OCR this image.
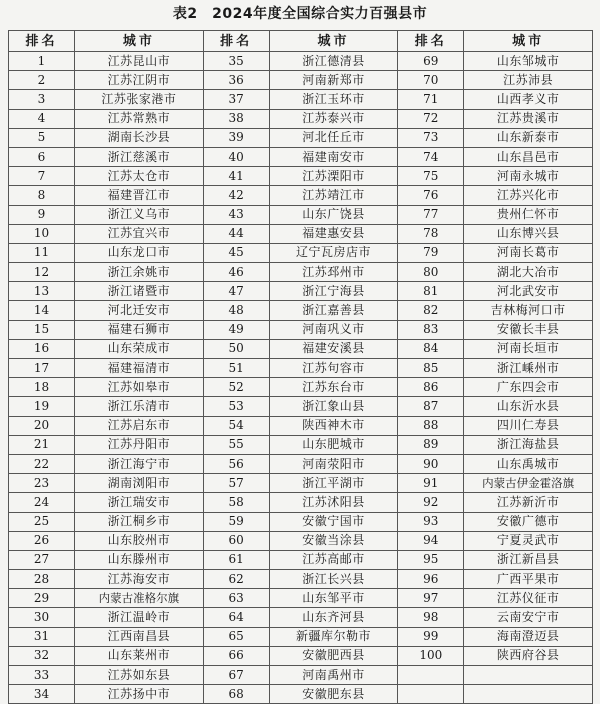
表2　2024年度全国综合实力百强县市
排名	城市	排名	城市	排名	城市
1	江苏昆山市	35	浙江德清县	69	山东邹城市
2	江苏江阴市	36	河南新郑市	70	江苏沛县
3	江苏张家港市	37	浙江玉环市	71	山西孝义市
4	江苏常熟市	38	江苏泰兴市	72	江苏贵溪市
5	湖南长沙县	39	河北任丘市	73	山东新泰市
6	浙江慈溪市	40	福建南安市	74	山东昌邑市
7	江苏太仓市	41	江苏溧阳市	75	河南永城市
8	福建晋江市	42	江苏靖江市	76	江苏兴化市
9	浙江义乌市	43	山东广饶县	77	贵州仁怀市
10	江苏宜兴市	44	福建惠安县	78	山东博兴县
11	山东龙口市	45	辽宁瓦房店市	79	河南长葛市
12	浙江余姚市	46	江苏邳州市	80	湖北大冶市
13	浙江诸暨市	47	浙江宁海县	81	河北武安市
14	河北迁安市	48	浙江嘉善县	82	吉林梅河口市
15	福建石狮市	49	河南巩义市	83	安徽长丰县
16	山东荣成市	50	福建安溪县	84	河南长垣市
17	福建福清市	51	江苏句容市	85	浙江嵊州市
18	江苏如皋市	52	江苏东台市	86	广东四会市
19	浙江乐清市	53	浙江象山县	87	山东沂水县
20	江苏启东市	54	陕西神木市	88	四川仁寿县
21	江苏丹阳市	55	山东肥城市	89	浙江海盐县
22	浙江海宁市	56	河南荥阳市	90	山东禹城市
23	湖南浏阳市	57	浙江平湖市	91	内蒙古伊金霍洛旗
24	浙江瑞安市	58	江苏沭阳县	92	江苏新沂市
25	浙江桐乡市	59	安徽宁国市	93	安徽广德市
26	山东胶州市	60	安徽当涂县	94	宁夏灵武市
27	山东滕州市	61	江苏高邮市	95	浙江新昌县
28	江苏海安市	62	浙江长兴县	96	广西平果市
29	内蒙古准格尔旗	63	山东邹平市	97	江苏仪征市
30	浙江温岭市	64	山东齐河县	98	云南安宁市
31	江西南昌县	65	新疆库尔勒市	99	海南澄迈县
32	山东莱州市	66	安徽肥西县	100	陕西府谷县
33	江苏如东县	67	河南禹州市		
34	江苏扬中市	68	安徽肥东县		
